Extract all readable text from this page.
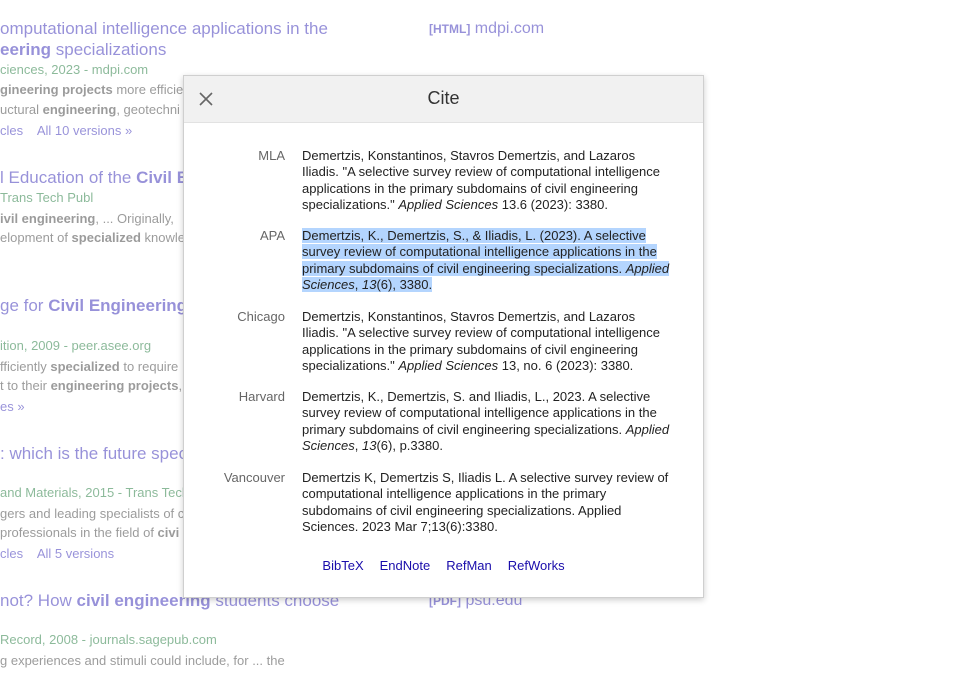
Cite
MLA Demertzis, Konstantinos, Stavros Demertzis, and Lazaros Iliadis. "A selective survey review of computational intelligence applications in the primary subdomains of civil engineering specializations." Applied Sciences 13.6 (2023): 3380.
APA Demertzis, K., Demertzis, S., & Iliadis, L. (2023). A selective survey review of computational intelligence applications in the primary subdomains of civil engineering specializations. Applied Sciences, 13(6), 3380.
Chicago Demertzis, Konstantinos, Stavros Demertzis, and Lazaros Iliadis. "A selective survey review of computational intelligence applications in the primary subdomains of civil engineering specializations." Applied Sciences 13, no. 6 (2023): 3380.
Harvard Demertzis, K., Demertzis, S. and Iliadis, L., 2023. A selective survey review of computational intelligence applications in the primary subdomains of civil engineering specializations. Applied Sciences, 13(6), p.3380.
Vancouver Demertzis K, Demertzis S, Iliadis L. A selective survey review of computational intelligence applications in the primary subdomains of civil engineering specializations. Applied Sciences. 2023 Mar 7;13(6):3380.
BibTeX EndNote RefMan RefWorks
